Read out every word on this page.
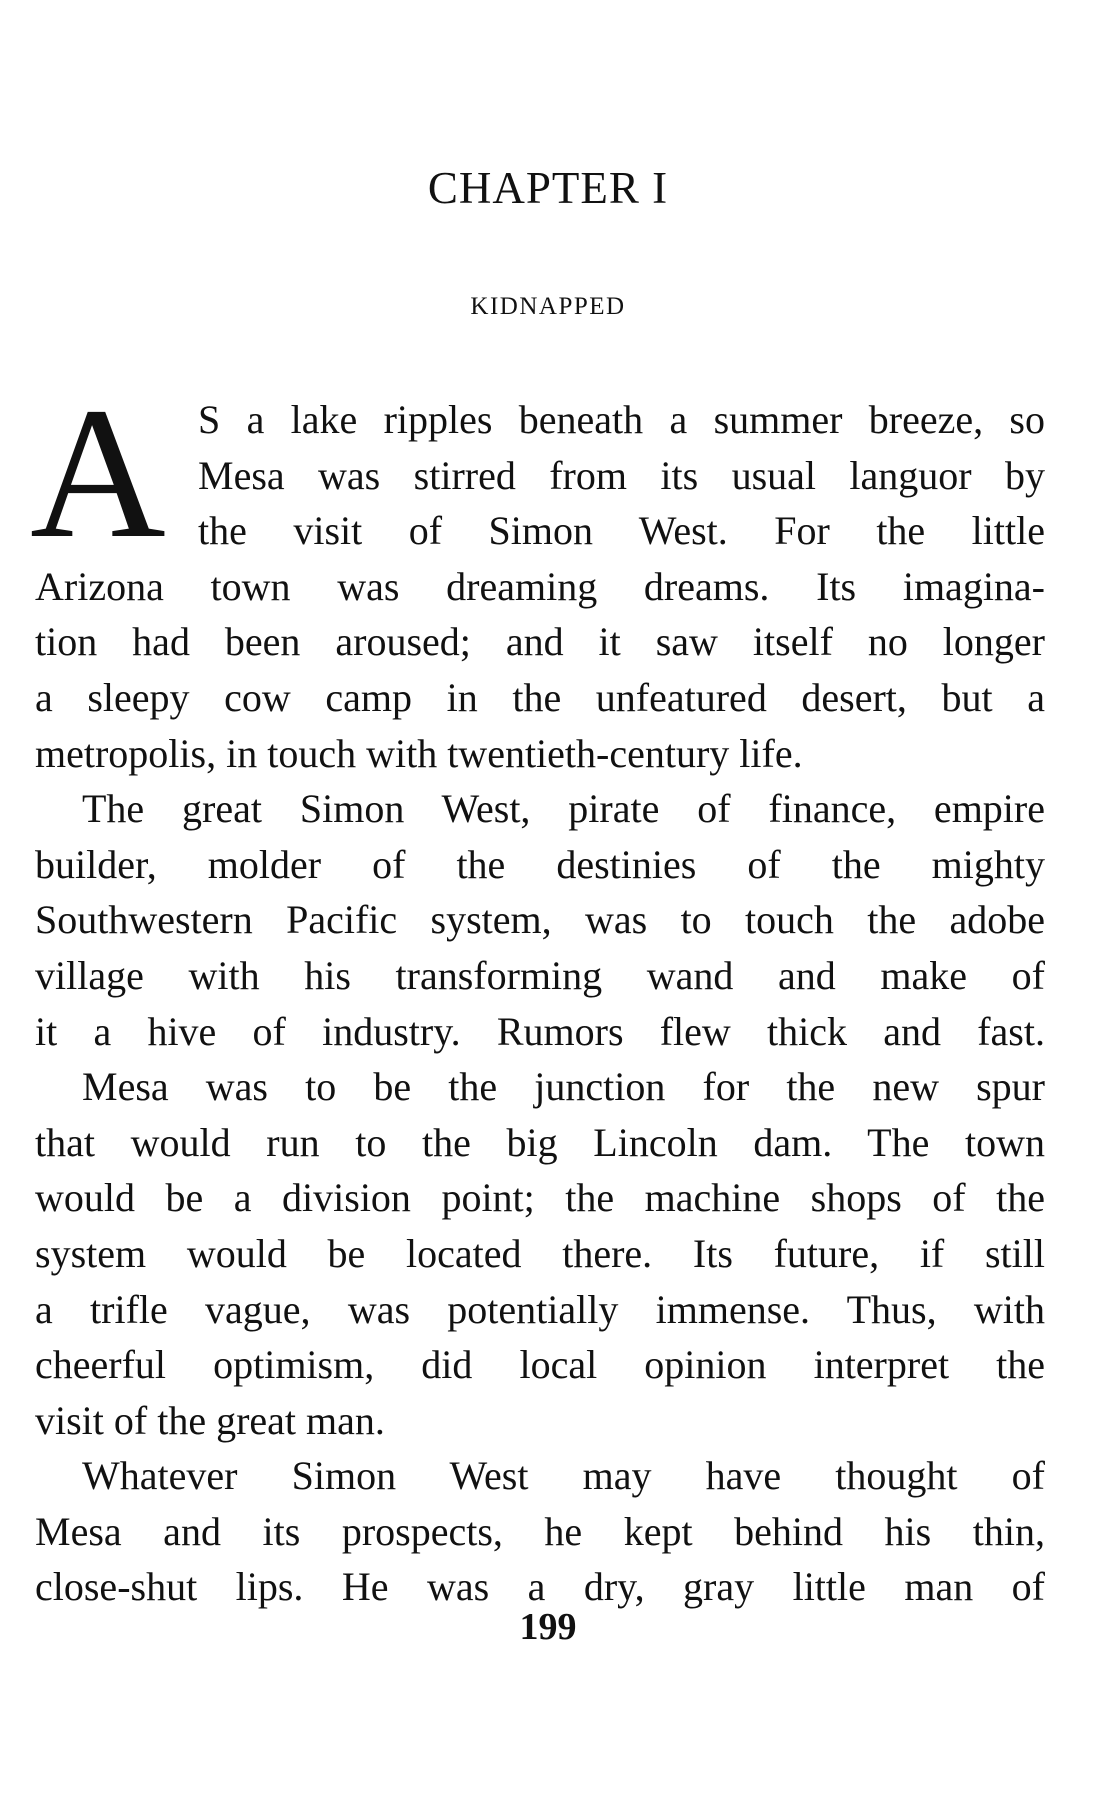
CHAPTER I
KIDNAPPED
A S a lake ripples beneath a summer breeze, so
Mesa was stirred from its usual languor by
the visit of Simon West. For the little
Arizona town was dreaming dreams. Its imagina-
tion had been aroused; and it saw itself no longer
a sleepy cow camp in the unfeatured desert, but a
metropolis, in touch with twentieth-century life.
The great Simon West, pirate of finance, empire
builder, molder of the destinies of the mighty
Southwestern Pacific system, was to touch the adobe
village with his transforming wand and make of
it a hive of industry. Rumors flew thick and fast.
Mesa was to be the junction for the new spur
that would run to the big Lincoln dam. The town
would be a division point; the machine shops of the
system would be located there. Its future, if still
a trifle vague, was potentially immense. Thus, with
cheerful optimism, did local opinion interpret the
visit of the great man.
Whatever Simon West may have thought of
Mesa and its prospects, he kept behind his thin,
close-shut lips. He was a dry, gray little man of
199
